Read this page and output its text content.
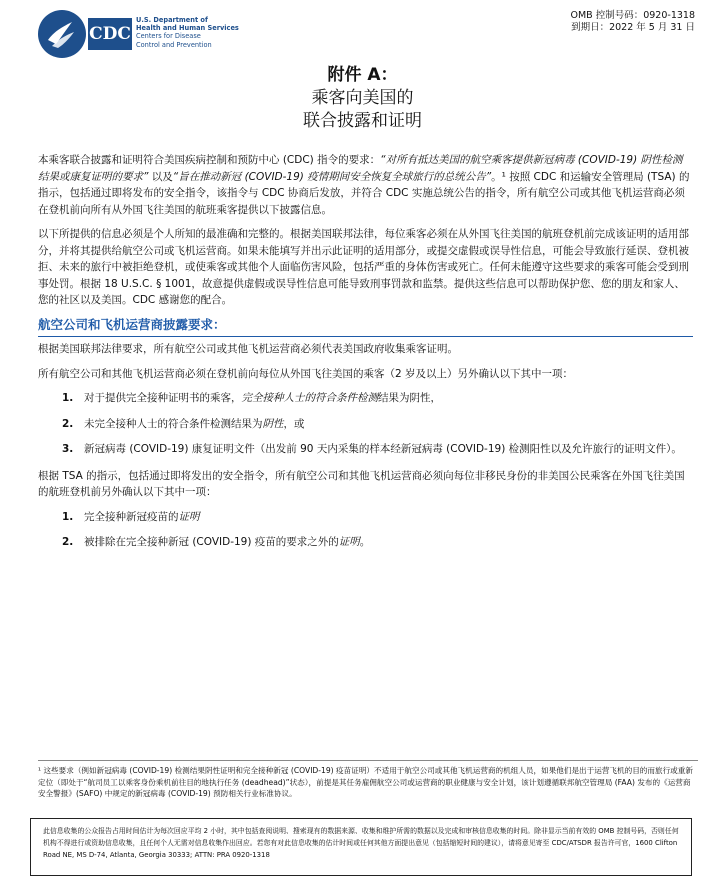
CDC
U.S. Department of
Health and Human Services
Centers for Disease
Control and Prevention
OMB 控制号码：0920-1318
到期日：2022 年 5 月 31 日
附件 A：
乘客向美国的
联合披露和证明

本乘客联合披露和证明符合美国疾病控制和预防中心 (CDC) 指令的要求：“对所有抵达美国的航空乘客提供新冠病毒 (COVID-19) 阴性检测结果或康复证明的要求” 以及“旨在推动新冠 (COVID-19) 疫情期间安全恢复全球旅行的总统公告”。¹ 按照 CDC 和运输安全管理局 (TSA) 的指示，包括通过即将发布的安全指令，该指令与 CDC 协商后发放，并符合 CDC 实施总统公告的指令，所有航空公司或其他飞机运营商必须在登机前向所有从外国飞往美国的航班乘客提供以下披露信息。

以下所提供的信息必须是个人所知的最准确和完整的。根据美国联邦法律，每位乘客必须在从外国飞往美国的航班登机前完成该证明的适用部分，并将其提供给航空公司或飞机运营商。如果未能填写并出示此证明的适用部分，或提交虚假或误导性信息，可能会导致旅行延误、登机被拒、未来的旅行中被拒绝登机，或使乘客或其他个人面临伤害风险，包括严重的身体伤害或死亡。任何未能遵守这些要求的乘客可能会受到刑事处罚。根据 18 U.S.C. § 1001，故意提供虚假或误导性信息可能导致刑事罚款和监禁。提供这些信息可以帮助保护您、您的朋友和家人、您的社区以及美国。CDC 感谢您的配合。

航空公司和飞机运营商披露要求：

根据美国联邦法律要求，所有航空公司或其他飞机运营商必须代表美国政府收集乘客证明。

所有航空公司和其他飞机运营商必须在登机前向每位从外国飞往美国的乘客（2 岁及以上）另外确认以下其中一项：

1.	对于提供完全接种证明书的乘客，完全接种人士的符合条件检测结果为阴性，
2.	未完全接种人士的符合条件检测结果为阴性，或
3.	新冠病毒 (COVID-19) 康复证明文件（出发前 90 天内采集的样本经新冠病毒 (COVID-19) 检测阳性以及允许旅行的证明文件）。

根据 TSA 的指示，包括通过即将发出的安全指令，所有航空公司和其他飞机运营商必须向每位非移民身份的非美国公民乘客在外国飞往美国的航班登机前另外确认以下其中一项：

1.	完全接种新冠疫苗的证明
2.	被排除在完全接种新冠 (COVID-19) 疫苗的要求之外的证明。
¹ 这些要求（例如新冠病毒 (COVID-19) 检测结果阴性证明和完全接种新冠 (COVID-19) 疫苗证明）不适用于航空公司或其他飞机运营商的机组人员，如果他们是出于运营飞机的目的而旅行或重新定位（即处于“航司员工以乘客身份乘机前往目的地执行任务 (deadhead)”状态），前提是其任务雇佣航空公司或运营商的职业健康与安全计划，该计划遵循联邦航空管理局 (FAA) 发布的《运营商安全警报》(SAFO) 中规定的新冠病毒 (COVID-19) 预防相关行业标准协议。
此信息收集的公众报告占用时间估计为每次回应平均 2 小时，其中包括查阅说明、搜索现有的数据来源、收集和维护所需的数据以及完成和审核信息收集的时间。除非显示当前有效的 OMB 控制号码，否则任何机构不得进行或资助信息收集，且任何个人无需对信息收集作出回应。若您有对此信息收集的估计时间或任何其他方面提出意见（包括缩短时间的建议），请将意见寄至 CDC/ATSDR 报告许可官，1600 Clifton Road NE, MS D-74, Atlanta, Georgia 30333; ATTN: PRA 0920-1318
